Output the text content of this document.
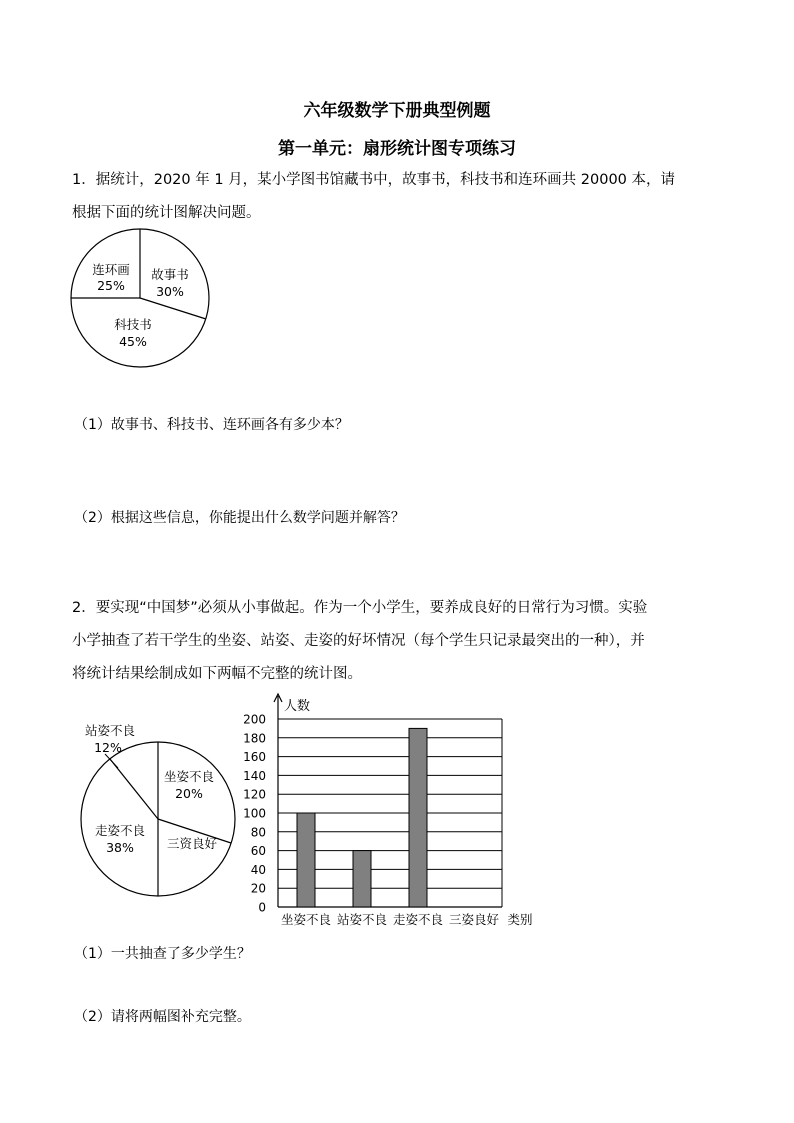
六年级数学下册典型例题
第一单元：扇形统计图专项练习
1．据统计，2020 年 1 月，某小学图书馆藏书中，故事书，科技书和连环画共 20000 本，请
根据下面的统计图解决问题。
故事书
30%
科技书
45%
连环画
25%
（1）故事书、科技书、连环画各有多少本？
（2）根据这些信息，你能提出什么数学问题并解答？
2．要实现“中国梦”必须从小事做起。作为一个小学生，要养成良好的日常行为习惯。实验
小学抽查了若干学生的坐姿、站姿、走姿的好坏情况（每个学生只记录最突出的一种），并
将统计结果绘制成如下两幅不完整的统计图。
站姿不良
12%
坐姿不良
20%
三资良好
走姿不良
38%
0
20
40
60
80
100
120
140
160
180
200
人数
坐姿不良 站姿不良 走姿不良 三姿良好 类别
（1）一共抽查了多少学生？
（2）请将两幅图补充完整。
